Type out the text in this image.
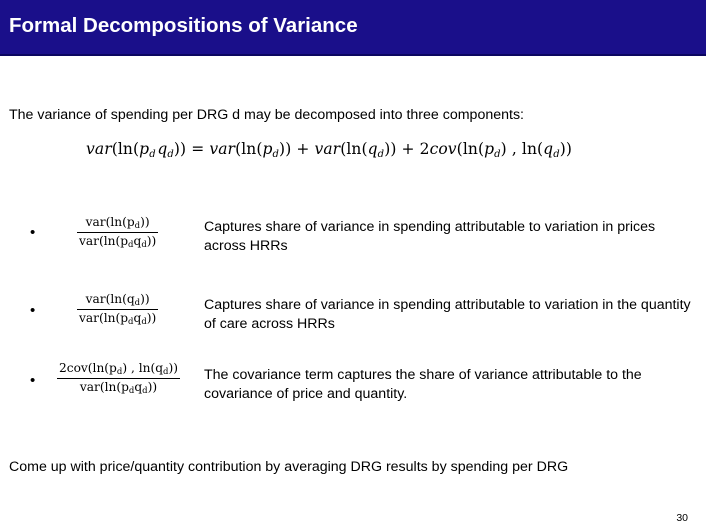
Formal Decompositions of Variance
The variance of spending per DRG d may be decomposed into three components:
$var(\ln(p_d$  $q_d)) = var(\ln(p_d)) + var(\ln(q_d)) + 2cov(\ln(p_d)$ , $\ln(q_d)$)
•
$var(\ln(p_d))$
$var(\ln(p_dq_d))$
Captures share of variance in spending attributable to variation in prices across HRRs
•
$var(\ln(q_d))$
$var(\ln(p_dq_d))$
Captures share of variance in spending attributable to variation in the quantity of care across HRRs
•
$2cov(\ln(p_d)$ , $\ln(q_d)$)
$var(\ln(p_dq_d))$
The covariance term captures the share of variance attributable to the covariance of price and quantity.
Come up with price/quantity contribution by averaging DRG results by spending per DRG
30
